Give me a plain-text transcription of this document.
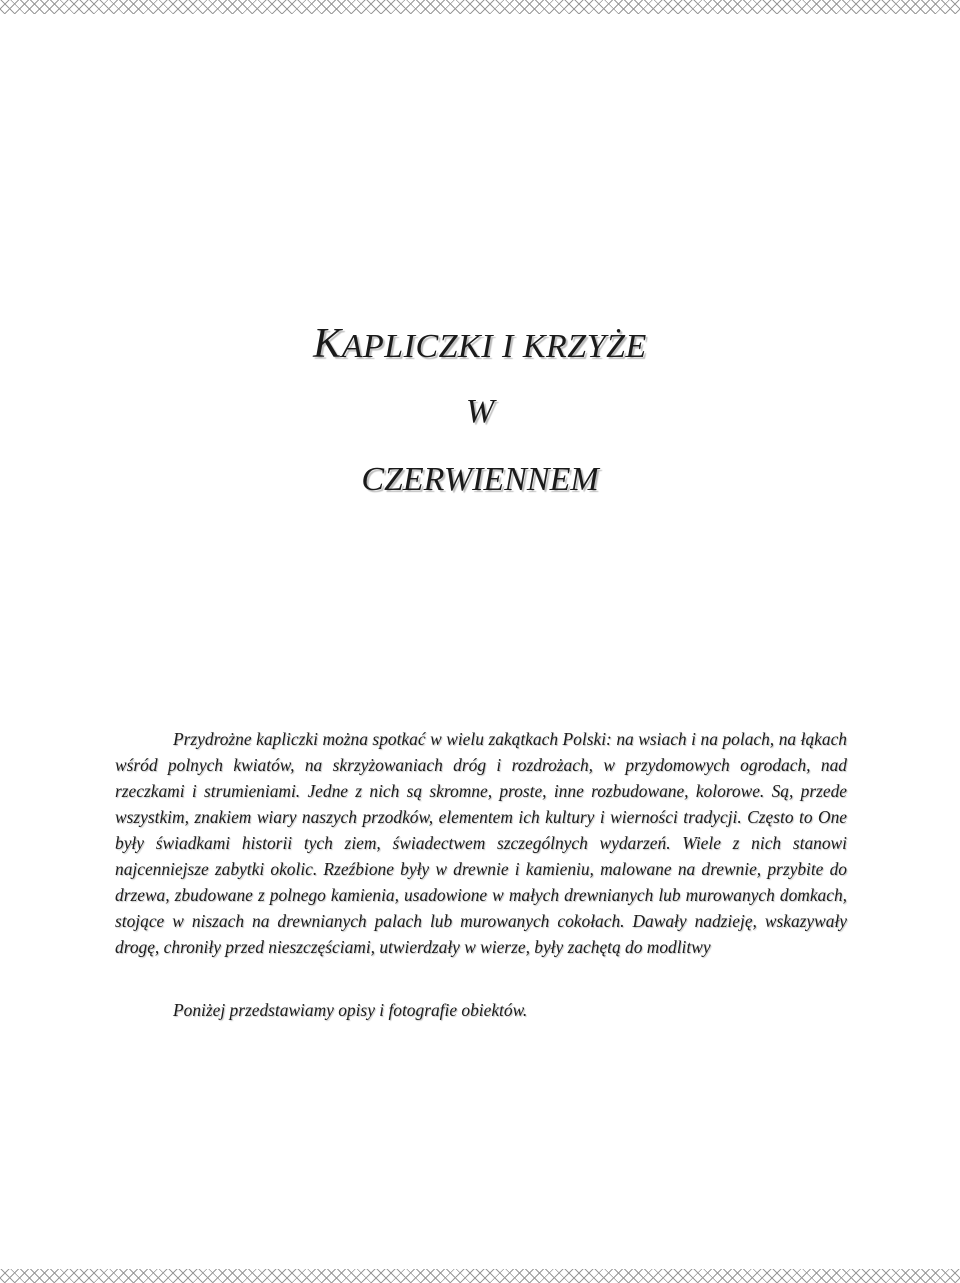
KAPLICZKI I KRZYŻE
W
CZERWIENNEM
Przydrożne kapliczki można spotkać w wielu zakątkach Polski: na wsiach i na polach, na łąkach wśród polnych kwiatów, na skrzyżowaniach dróg i rozdrożach, w przydomowych ogrodach, nad rzeczkami i strumieniami. Jedne z nich są skromne, proste, inne rozbudowane, kolorowe. Są, przede wszystkim, znakiem wiary naszych przodków, elementem ich kultury i wierności tradycji. Często to One były świadkami historii tych ziem, świadectwem szczególnych wydarzeń. Wiele z nich stanowi najcenniejsze zabytki okolic. Rzeźbione były w drewnie i kamieniu, malowane na drewnie, przybite do drzewa, zbudowane z polnego kamienia, usadowione w małych drewnianych lub murowanych domkach, stojące w niszach na drewnianych palach lub murowanych cokołach. Dawały nadzieję, wskazywały drogę, chroniły przed nieszczęściami, utwierdzały w wierze, były zachętą do modlitwy
Poniżej przedstawiamy opisy i fotografie obiektów.
